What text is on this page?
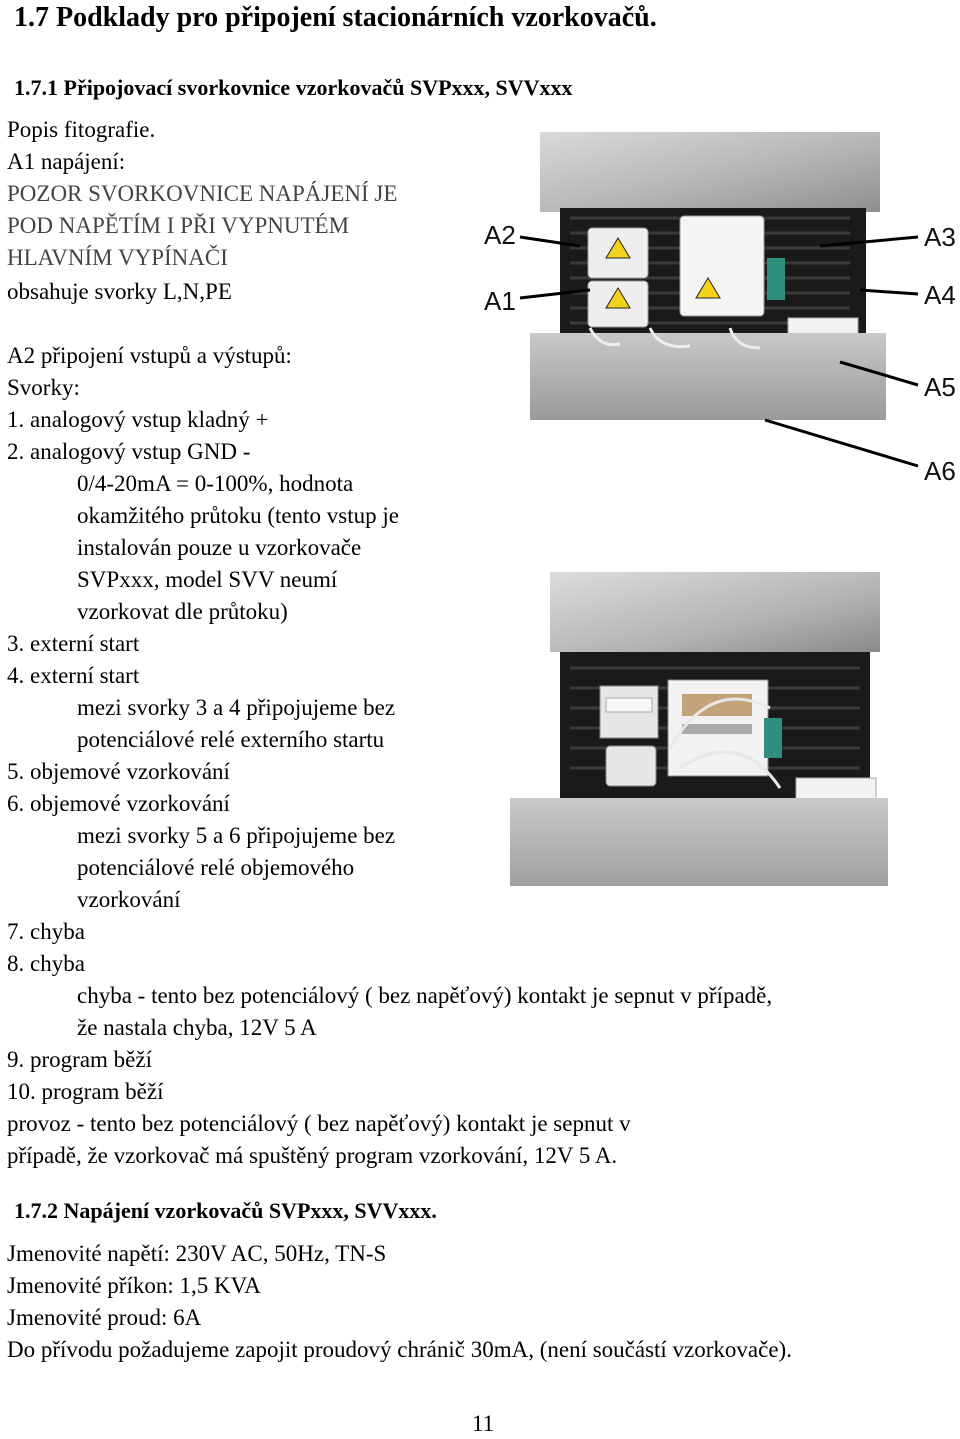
1.7 Podklady pro připojení stacionárních vzorkovačů.
1.7.1 Připojovací svorkovnice vzorkovačů SVPxxx, SVVxxx
Popis fitografie.
A1 napájení:
POZOR SVORKOVNICE NAPÁJENÍ JE
POD NAPĚTÍM I PŘI VYPNUTÉM
HLAVNÍM VYPÍNAČI
obsahuje svorky L,N,PE
A2 připojení vstupů a výstupů:
Svorky:
1. analogový vstup kladný +
2. analogový vstup GND -
0/4-20mA = 0-100%, hodnota
okamžitého průtoku (tento vstup je
instalován pouze u vzorkovače
SVPxxx, model SVV neumí
vzorkovat dle průtoku)
3. externí start
4. externí start
mezi svorky 3 a 4 připojujeme bez
potenciálové relé externího startu
5. objemové vzorkování
6. objemové vzorkování
mezi svorky 5 a 6 připojujeme bez
potenciálové relé objemového
vzorkování
7. chyba
8. chyba
chyba - tento bez potenciálový ( bez napěťový) kontakt je sepnut v případě,
že nastala chyba, 12V 5 A
9. program běží
10. program běží
provoz - tento bez potenciálový ( bez napěťový) kontakt je sepnut v
případě, že vzorkovač má spuštěný program vzorkování, 12V 5 A.
1.7.2 Napájení vzorkovačů SVPxxx, SVVxxx.
Jmenovité napětí: 230V AC, 50Hz, TN-S
Jmenovité příkon: 1,5 KVA
Jmenovité proud: 6A
Do přívodu požadujeme zapojit proudový chránič 30mA, (není součástí vzorkovače).
11
A2
A1
A3
A4
A5
A6
